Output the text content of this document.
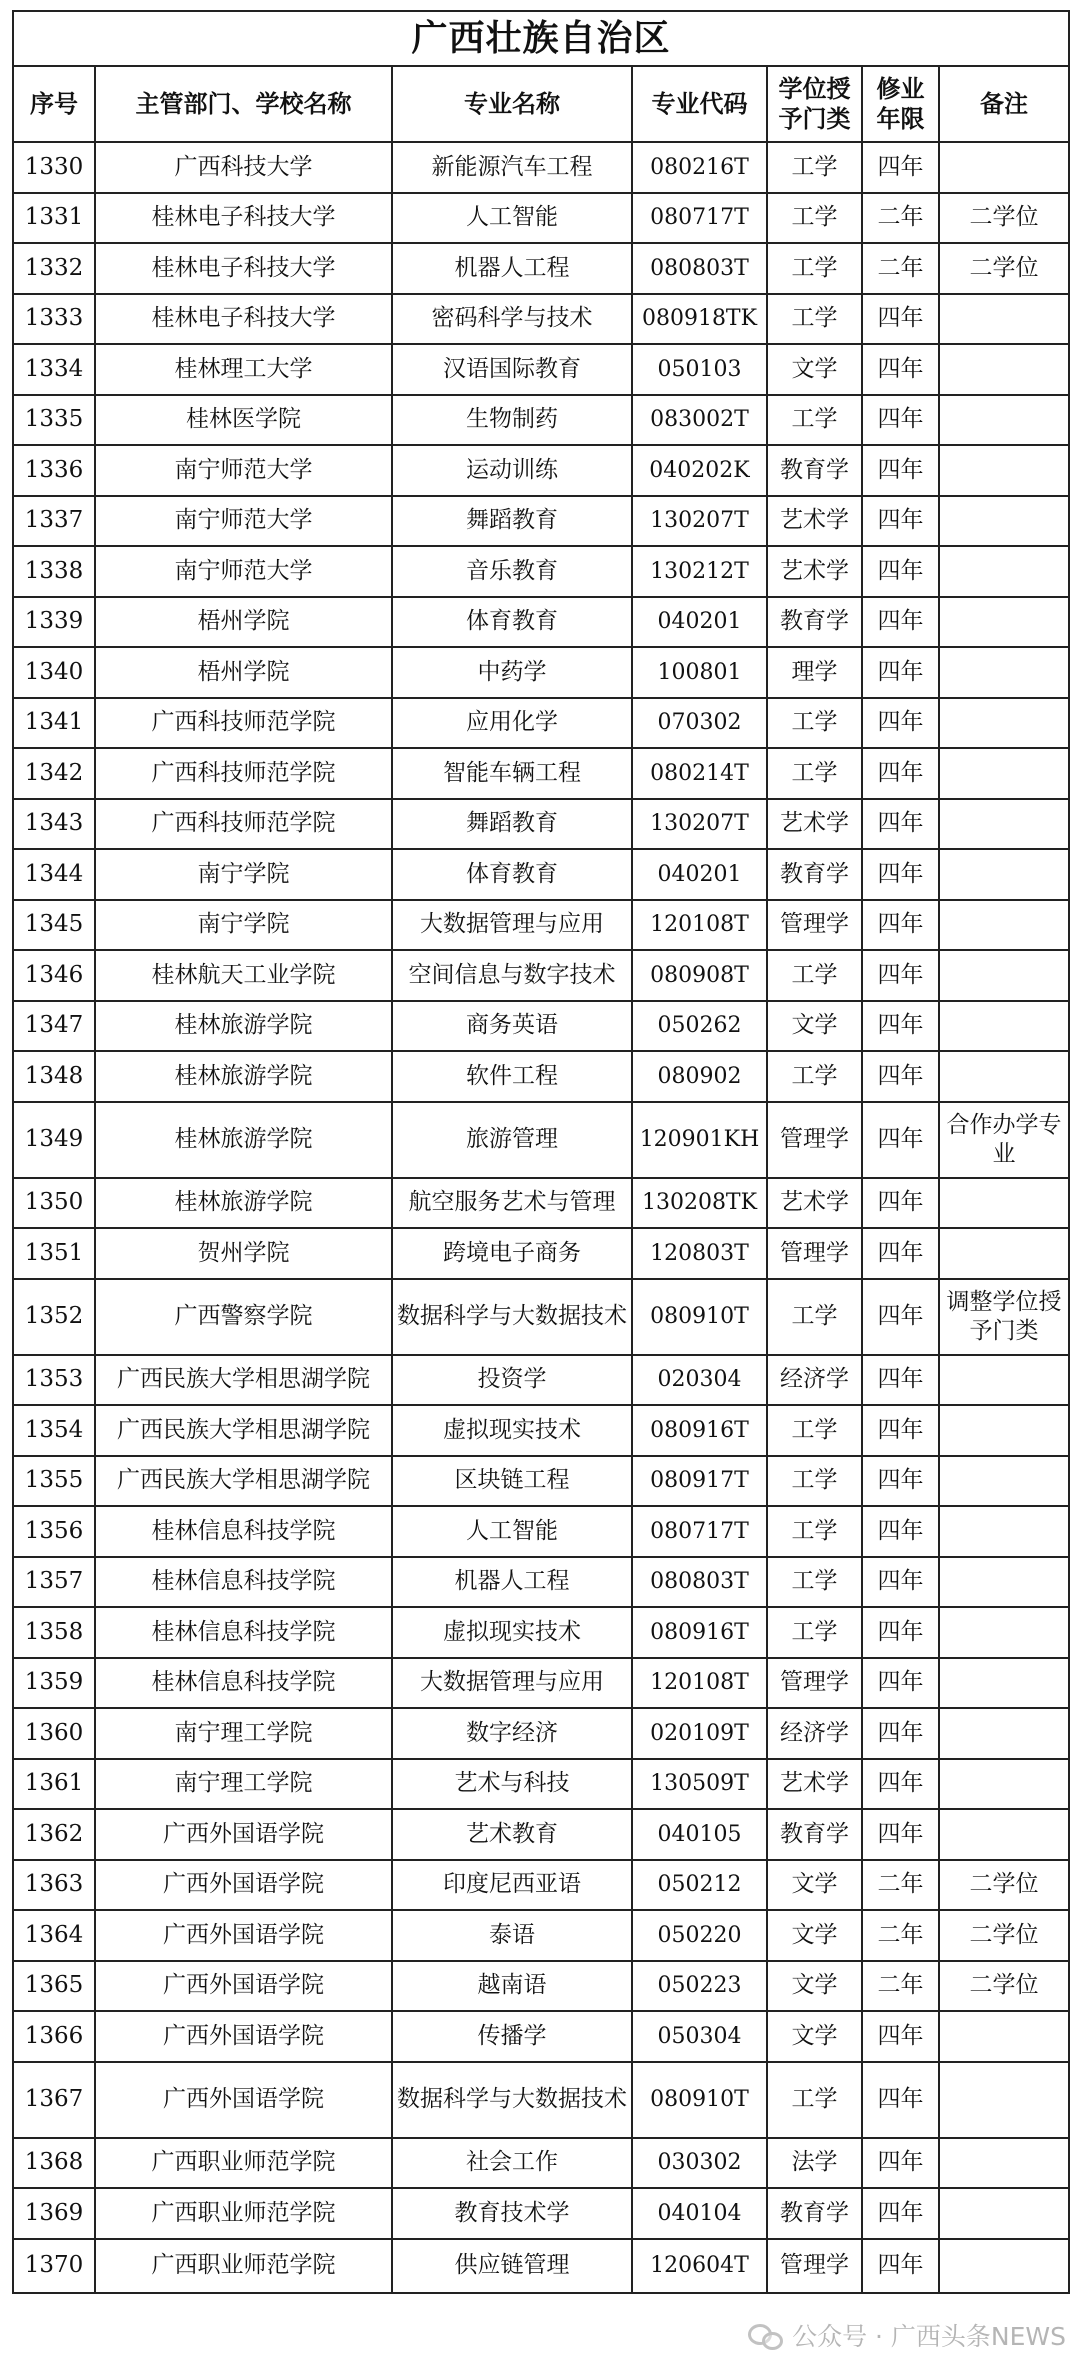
广西壮族自治区						
序号	主管部门、学校名称	专业名称	专业代码	学位授予门类	修业年限	备注
1330	广西科技大学	新能源汽车工程	080216T	工学	四年	
1331	桂林电子科技大学	人工智能	080717T	工学	二年	二学位
1332	桂林电子科技大学	机器人工程	080803T	工学	二年	二学位
1333	桂林电子科技大学	密码科学与技术	080918TK	工学	四年	
1334	桂林理工大学	汉语国际教育	050103	文学	四年	
1335	桂林医学院	生物制药	083002T	工学	四年	
1336	南宁师范大学	运动训练	040202K	教育学	四年	
1337	南宁师范大学	舞蹈教育	130207T	艺术学	四年	
1338	南宁师范大学	音乐教育	130212T	艺术学	四年	
1339	梧州学院	体育教育	040201	教育学	四年	
1340	梧州学院	中药学	100801	理学	四年	
1341	广西科技师范学院	应用化学	070302	工学	四年	
1342	广西科技师范学院	智能车辆工程	080214T	工学	四年	
1343	广西科技师范学院	舞蹈教育	130207T	艺术学	四年	
1344	南宁学院	体育教育	040201	教育学	四年	
1345	南宁学院	大数据管理与应用	120108T	管理学	四年	
1346	桂林航天工业学院	空间信息与数字技术	080908T	工学	四年	
1347	桂林旅游学院	商务英语	050262	文学	四年	
1348	桂林旅游学院	软件工程	080902	工学	四年	
1349	桂林旅游学院	旅游管理	120901KH	管理学	四年	合作办学专业
1350	桂林旅游学院	航空服务艺术与管理	130208TK	艺术学	四年	
1351	贺州学院	跨境电子商务	120803T	管理学	四年	
1352	广西警察学院	数据科学与大数据技术	080910T	工学	四年	调整学位授予门类
1353	广西民族大学相思湖学院	投资学	020304	经济学	四年	
1354	广西民族大学相思湖学院	虚拟现实技术	080916T	工学	四年	
1355	广西民族大学相思湖学院	区块链工程	080917T	工学	四年	
1356	桂林信息科技学院	人工智能	080717T	工学	四年	
1357	桂林信息科技学院	机器人工程	080803T	工学	四年	
1358	桂林信息科技学院	虚拟现实技术	080916T	工学	四年	
1359	桂林信息科技学院	大数据管理与应用	120108T	管理学	四年	
1360	南宁理工学院	数字经济	020109T	经济学	四年	
1361	南宁理工学院	艺术与科技	130509T	艺术学	四年	
1362	广西外国语学院	艺术教育	040105	教育学	四年	
1363	广西外国语学院	印度尼西亚语	050212	文学	二年	二学位
1364	广西外国语学院	泰语	050220	文学	二年	二学位
1365	广西外国语学院	越南语	050223	文学	二年	二学位
1366	广西外国语学院	传播学	050304	文学	四年	
1367	广西外国语学院	数据科学与大数据技术	080910T	工学	四年	
1368	广西职业师范学院	社会工作	030302	法学	四年	
1369	广西职业师范学院	教育技术学	040104	教育学	四年	
1370	广西职业师范学院	供应链管理	120604T	管理学	四年	
公众号 · 广西头条NEWS
